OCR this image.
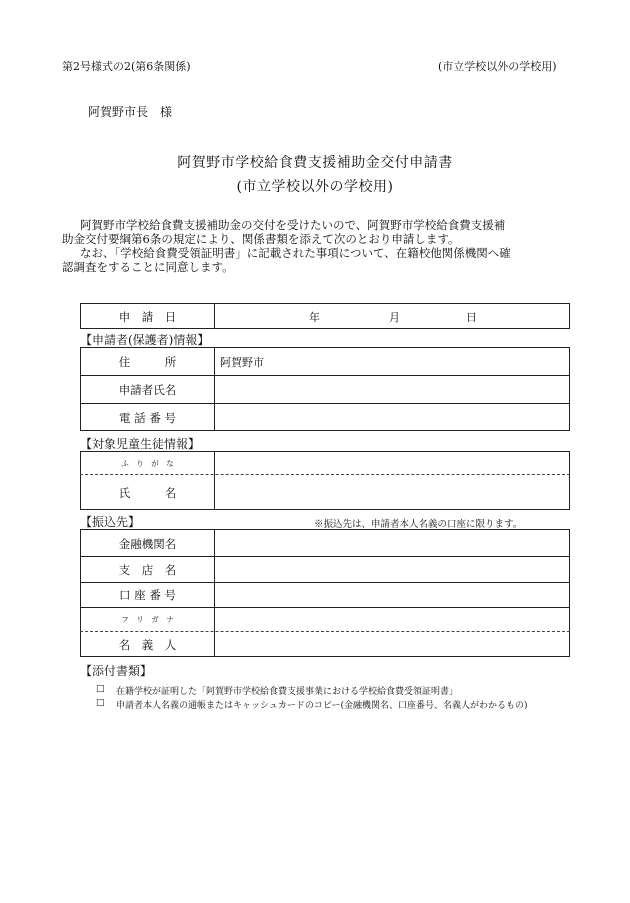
第2号様式の2(第6条関係)	(市立学校以外の学校用)
阿賀野市長　様
阿賀野市学校給食費支援補助金交付申請書
(市立学校以外の学校用)
阿賀野市学校給食費支援補助金の交付を受けたいので、阿賀野市学校給食費支援補
助金交付要綱第6条の規定により、関係書類を添えて次のとおり申請します。
なお、「学校給食費受領証明書」に記載された事項について、在籍校他関係機関へ確
認調査をすることに同意します。
申　請　日	年	月	日
【申請者(保護者)情報】
住　　　所	阿賀野市
申請者氏名
電 話 番 号
【対象児童生徒情報】
ふ　り　が　な
氏　　　名
【振込先】	※振込先は、申請者本人名義の口座に限ります。
金融機関名
支　店　名
口 座 番 号
フ　リ　ガ　ナ
名　義　人
【添付書類】
□ 在籍学校が証明した「阿賀野市学校給食費支援事業における学校給食費受領証明書」
□ 申請者本人名義の通帳またはキャッシュカードのコピー(金融機関名、口座番号、名義人がわかるもの)
